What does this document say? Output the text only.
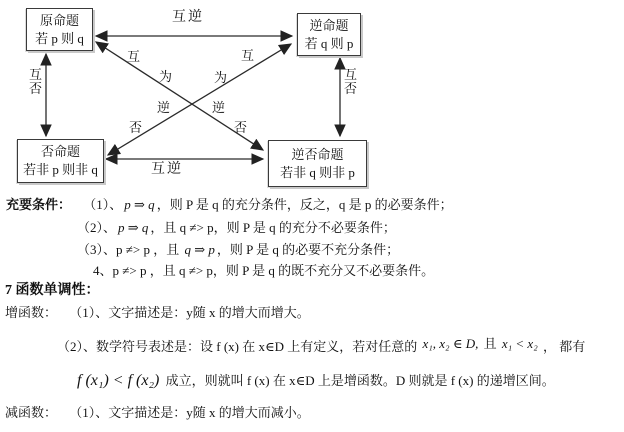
原命题
若 p 则 q
逆命题
若 q 则 p
否命题
若非 p 则非 q
逆否命题
若非 q 则非 p
互逆
互逆
互
否
互
否
互
为
互
为
逆
否
逆
否
充要条件： （1）、 p ⇒ q ，则 P 是 q 的充分条件，反之，q 是 p 的必要条件；
（2）、 p ⇒ q ，且 q ≠> p，则 P 是 q 的充分不必要条件；
（3）、p ≠> p ，且 q ⇒ p ，则 P 是 q 的必要不充分条件；
4、p ≠> p ，且 q ≠> p，则 P 是 q 的既不充分又不必要条件。
7 函数单调性：
增函数： （1）、文字描述是：y随 x 的增大而增大。
（2）、数学符号表述是：设 f (x) 在 x∈D 上有定义，若对任意的 x₁, x₂ ∈ D, 且 x₁ < x₂ ， 都有
f (x₁) < f (x₂) 成立，则就叫 f (x) 在 x∈D 上是增函数。D 则就是 f (x) 的递增区间。
减函数： （1）、文字描述是：y随 x 的增大而减小。
